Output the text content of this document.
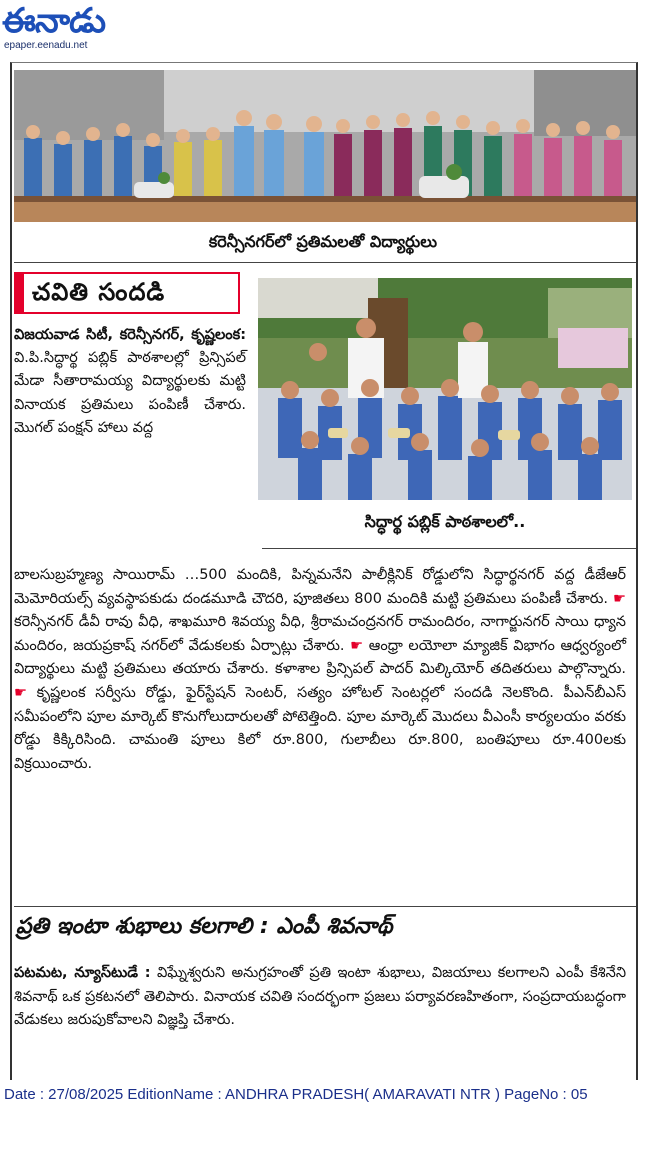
ఈనాడు
epaper.eenadu.net
కరెన్సీనగర్‌లో ప్రతిమలతో విద్యార్థులు
చవితి సందడి
సిద్ధార్థ పబ్లిక్ పాఠశాలలో..
విజయవాడ సిటీ, కరెన్సీనగర్, కృష్ణలంక: వి.పి.సిద్ధార్థ పబ్లిక్ పాఠశాలల్లో ప్రిన్సిపల్ మేడా సీతారామయ్య విద్యార్థులకు మట్టి వినాయక ప్రతిమలు పంపిణీ చేశారు. మొగల్ పంక్షన్ హాలు వద్ద
బాలసుబ్రహ్మణ్య సాయిరామ్ …500 మందికి, పిన్నమనేని పాలీక్లినిక్ రోడ్డులోని సిద్ధార్థనగర్ వద్ద డీజేఆర్ మెమోరియల్స్ వ్యవస్థాపకుడు దండమూడి చౌదరి, పూజితలు 800 మందికి మట్టి ప్రతిమలు పంపిణీ చేశారు. ☛ కరెన్సీనగర్ డీవీ రావు వీధి, శాఖమూరి శివయ్య వీధి, శ్రీరామచంద్రనగర్ రామందిరం, నాగార్జునగర్ సాయి ధ్యాన మందిరం, జయప్రకాష్ నగర్‌లో వేడుకలకు ఏర్పాట్లు చేశారు. ☛ ఆంధ్రా లయోలా మ్యాజిక్ విభాగం ఆధ్వర్యంలో విద్యార్థులు మట్టి ప్రతిమలు తయారు చేశారు. కళాశాల ప్రిన్సిపల్ పాదర్ మిల్కియోర్ తదితరులు పాల్గొన్నారు. ☛ కృష్ణలంక సర్వీసు రోడ్డు, ఫైర్‌స్టేషన్ సెంటర్, సత్యం హోటల్ సెంటర్లలో సందడి నెలకొంది. పీఎన్‌బీఎస్ సమీపంలోని పూల మార్కెట్ కొనుగోలుదారులతో పోటెత్తింది. పూల మార్కెట్ మొదలు వీఎంసీ కార్యలయం వరకు రోడ్డు కిక్కిరిసింది. చామంతి పూలు కిలో రూ.800, గులాబీలు రూ.800, బంతిపూలు రూ.400లకు విక్రయించారు.
ప్రతి ఇంటా శుభాలు కలగాలి : ఎంపీ శివనాథ్
పటమట, న్యూస్‌టుడే : విఘ్నేశ్వరుని అనుగ్రహంతో ప్రతి ఇంటా శుభాలు, విజయాలు కలగాలని ఎంపీ కేశినేని శివనాథ్ ఒక ప్రకటనలో తెలిపారు. వినాయక చవితి సందర్భంగా ప్రజలు పర్యావరణహితంగా, సంప్రదాయబద్ధంగా వేడుకలు జరుపుకోవాలని విజ్ఞప్తి చేశారు.
Date : 27/08/2025 EditionName : ANDHRA PRADESH( AMARAVATI NTR ) PageNo : 05
